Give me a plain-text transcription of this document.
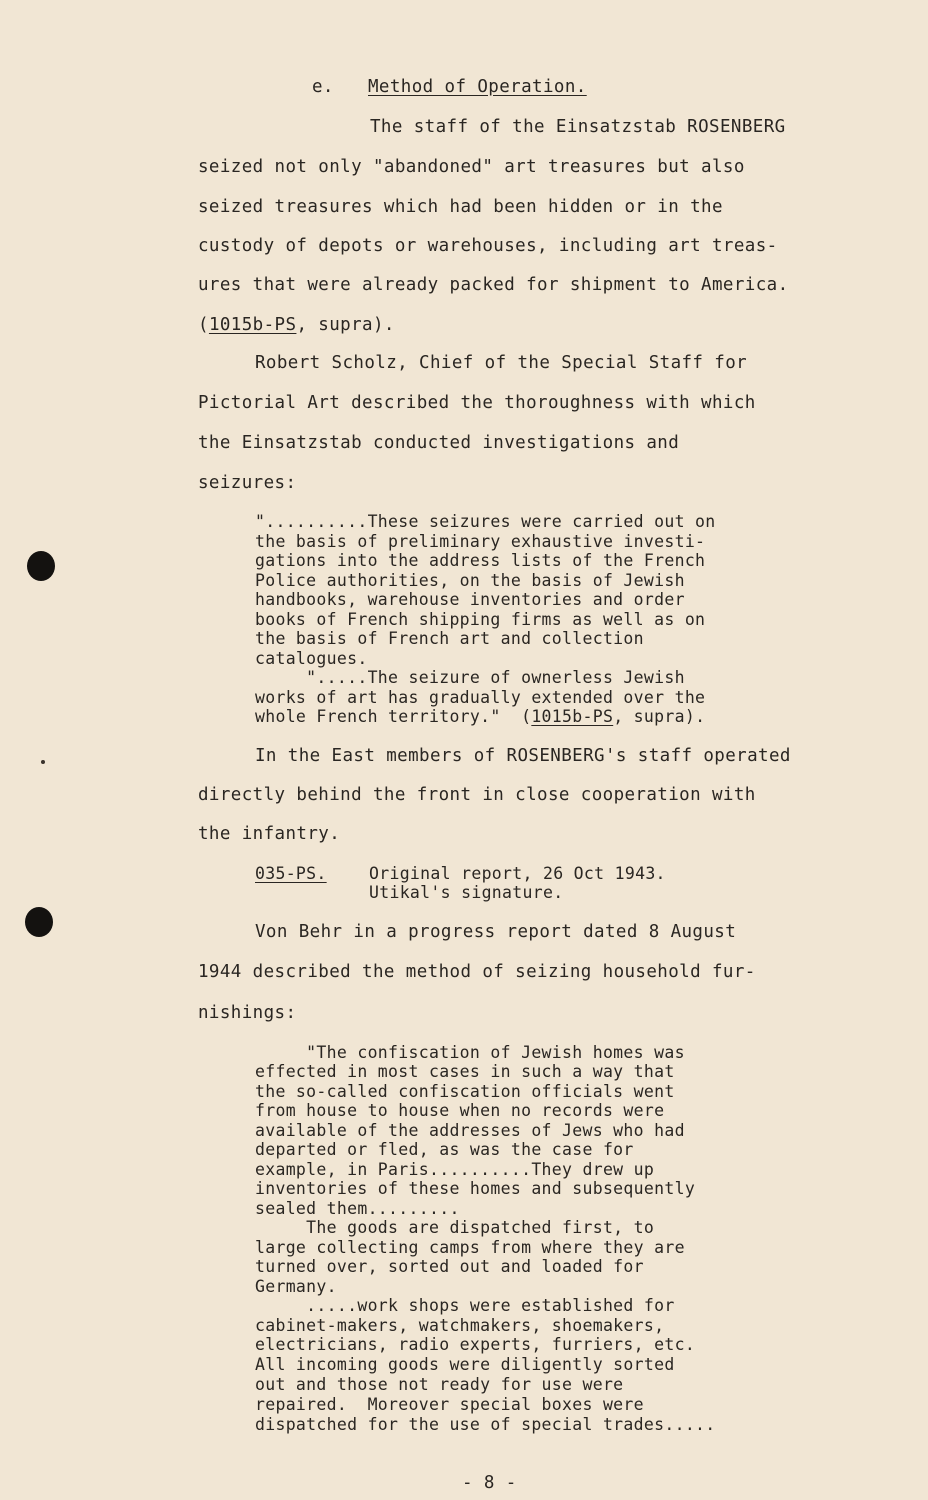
e. Method of Operation.
The staff of the Einsatzstab ROSENBERG
seized not only "abandoned" art treasures but also
seized treasures which had been hidden or in the
custody of depots or warehouses, including art treas-
ures that were already packed for shipment to America.
(1015b-PS, supra).
Robert Scholz, Chief of the Special Staff for
Pictorial Art described the thoroughness with which
the Einsatzstab conducted investigations and
seizures:
"..........These seizures were carried out on
the basis of preliminary exhaustive investi-
gations into the address lists of the French
Police authorities, on the basis of Jewish
handbooks, warehouse inventories and order
books of French shipping firms as well as on
the basis of French art and collection
catalogues.
".....The seizure of ownerless Jewish
works of art has gradually extended over the
whole French territory."  (1015b-PS, supra).
In the East members of ROSENBERG's staff operated
directly behind the front in close cooperation with
the infantry.
035-PS.	Original report, 26 Oct 1943.
Utikal's signature.
Von Behr in a progress report dated 8 August
1944 described the method of seizing household fur-
nishings:
"The confiscation of Jewish homes was
effected in most cases in such a way that
the so-called confiscation officials went
from house to house when no records were
available of the addresses of Jews who had
departed or fled, as was the case for
example, in Paris..........They drew up
inventories of these homes and subsequently
sealed them.........
The goods are dispatched first, to
large collecting camps from where they are
turned over, sorted out and loaded for
Germany.
.....work shops were established for
cabinet-makers, watchmakers, shoemakers,
electricians, radio experts, furriers, etc.
All incoming goods were diligently sorted
out and those not ready for use were
repaired.  Moreover special boxes were
dispatched for the use of special trades.....
- 8 -
